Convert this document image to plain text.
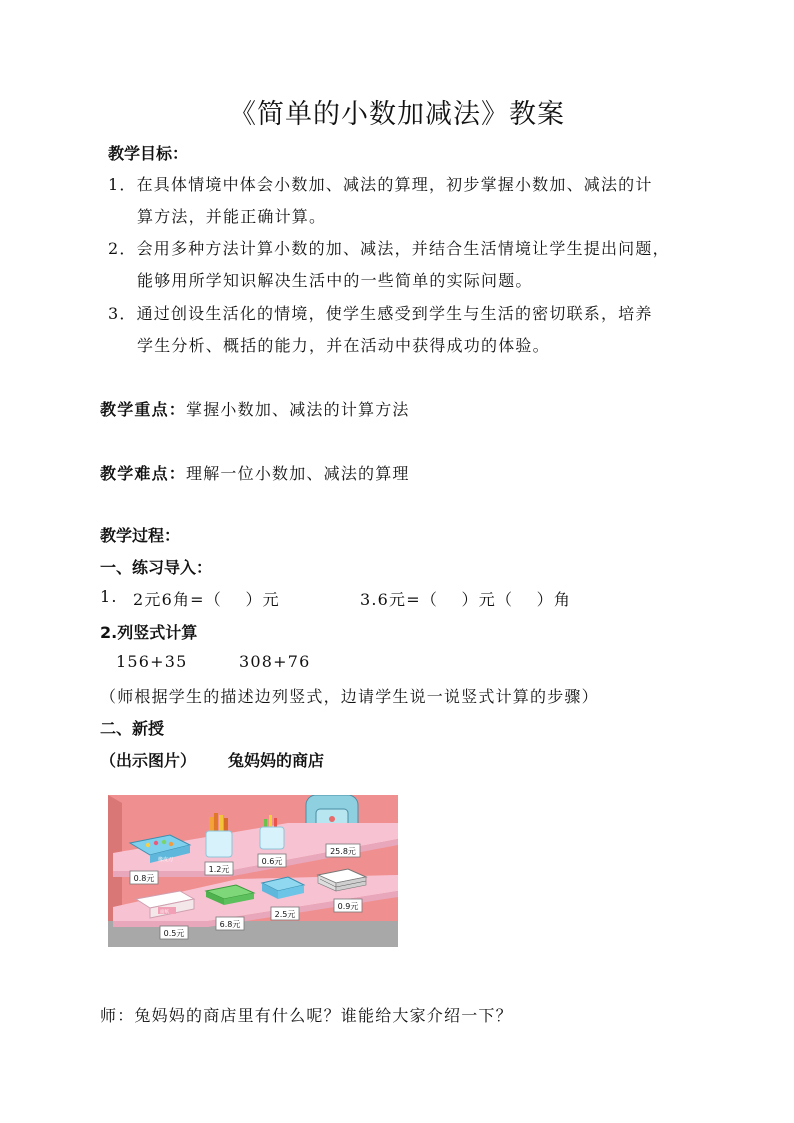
《简单的小数加减法》教案
教学目标：
1．在具体情境中体会小数加、减法的算理，初步掌握小数加、减法的计
算方法，并能正确计算。
2．会用多种方法计算小数的加、减法，并结合生活情境让学生提出问题，
能够用所学知识解决生活中的一些简单的实际问题。
3．通过创设生活化的情境，使学生感受到学生与生活的密切联系，培养
学生分析、概括的能力，并在活动中获得成功的体验。
教学重点：掌握小数加、减法的计算方法
教学难点：理解一位小数加、减法的算理
教学过程：
一、练习导入：
1. 2元6角=（　 ）元	3.6元=（　 ）元（　 ）角
2.列竖式计算
156+35	308+76
（师根据学生的描述边列竖式，边请学生说一说竖式计算的步骤）
二、新授
（出示图片） 兔妈妈的商店
橡皮刀
面纸
0.8元
1.2元
0.6元
25.8元
0.5元
6.8元
2.5元
0.9元
师：兔妈妈的商店里有什么呢？谁能给大家介绍一下？
